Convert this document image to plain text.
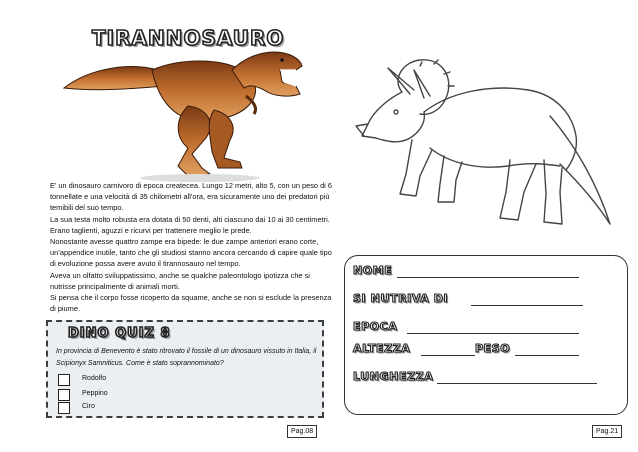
TIRANNOSAURO

E’ un dinosauro carnivoro di epoca createcea. Lungo 12 metri, alto 5, con un peso di 6 tonnellate e una velocità di 35 chilometri all'ora, era sicuramente uno dei predatori più temibili del suo tempo.

La sua testa molto robusta era dotata di 50 denti, alti ciascuno dai 10 ai 30 centimetri. Erano taglienti, aguzzi e ricurvi per trattenere meglio le prede.

Nonostante avesse quattro zampe era bipede: le due zampe anteriori erano corte, un’appendice inutile, tanto che gli studiosi stanno ancora cercando di capire quale tipo di evoluzione possa avere avuto il tirannosauro nel tempo.

Aveva un olfatto sviluppatissimo, anche se qualche paleontologo ipotizza che si nutrisse principalmente di animali morti.

Si pensa che il corpo fosse ricoperto da squame, anche se non si esclude la presenza di piume.

DINO QUIZ 8
In provincia di Benevento è stato ritrovato il fossile di un dinosauro vissuto in Italia, il Scipionyx Samniticus. Come è stato soprannominato?
Rodolfo
Peppino
Ciro
Pag.08
NOME
SI NUTRIVA DI
EPOCA
ALTEZZA	PESO
LUNGHEZZA
Pag.21
